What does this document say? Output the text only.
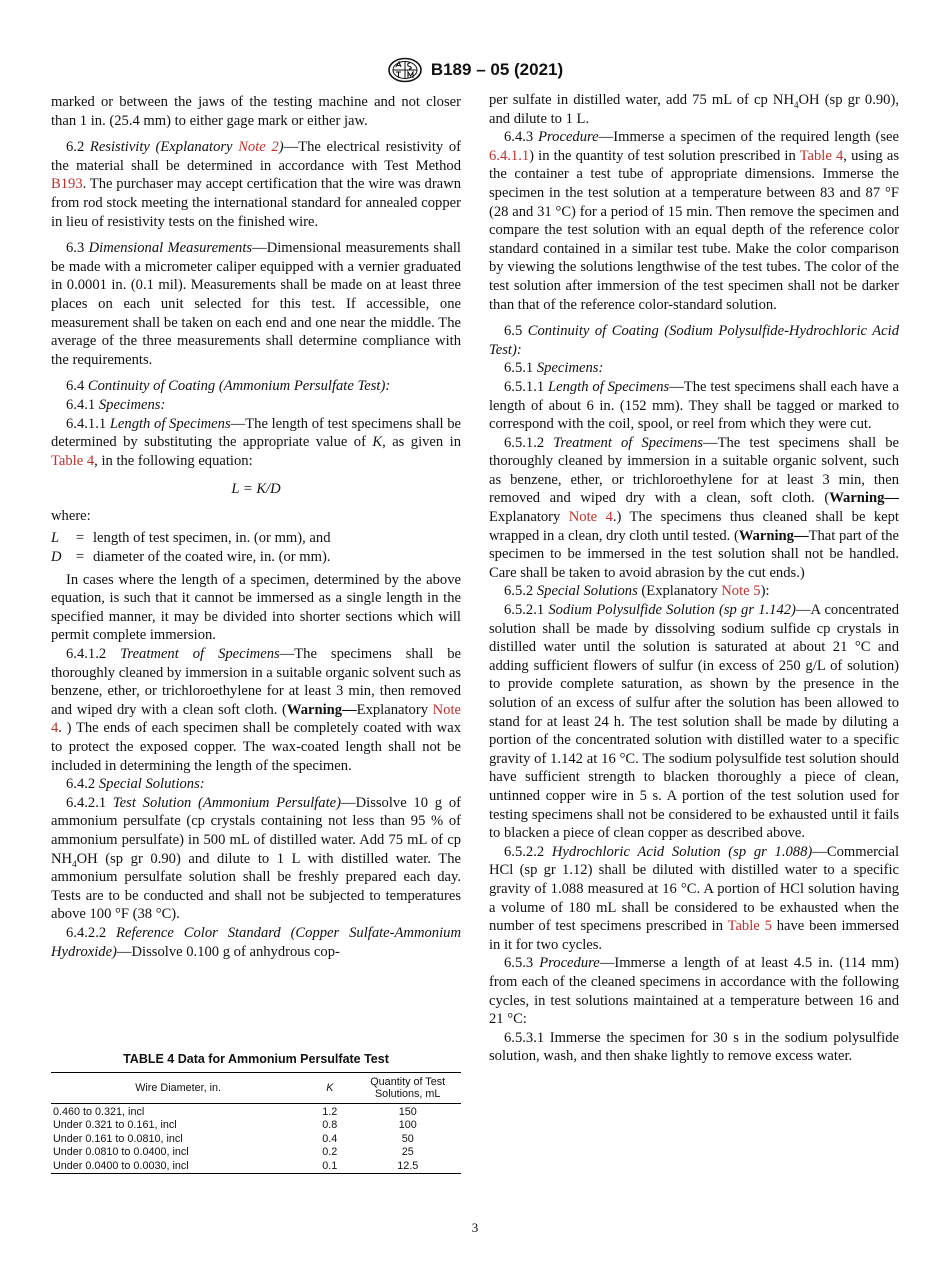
B189 – 05 (2021)

marked or between the jaws of the testing machine and not closer than 1 in. (25.4 mm) to either gage mark or either jaw.

6.2 Resistivity (Explanatory Note 2)—The electrical resistivity of the material shall be determined in accordance with Test Method B193. The purchaser may accept certification that the wire was drawn from rod stock meeting the international standard for annealed copper in lieu of resistivity tests on the finished wire.

6.3 Dimensional Measurements—Dimensional measurements shall be made with a micrometer caliper equipped with a vernier graduated in 0.0001 in. (0.1 mil). Measurements shall be made on at least three places on each unit selected for this test. If accessible, one measurement shall be taken on each end and one near the middle. The average of the three measurements shall determine compliance with the requirements.

6.4 Continuity of Coating (Ammonium Persulfate Test):

6.4.1 Specimens:

6.4.1.1 Length of Specimens—The length of test specimens shall be determined by substituting the appropriate value of K, as given in Table 4, in the following equation:

L = K/D

where:

L	= length of test specimen, in. (or mm), and
D = diameter of the coated wire, in. (or mm).

In cases where the length of a specimen, determined by the above equation, is such that it cannot be immersed as a single length in the specified manner, it may be divided into shorter sections which will permit complete immersion.

6.4.1.2 Treatment of Specimens—The specimens shall be thoroughly cleaned by immersion in a suitable organic solvent such as benzene, ether, or trichloroethylene for at least 3 min, then removed and wiped dry with a clean soft cloth. (Warning—Explanatory Note 4. ) The ends of each specimen shall be completely coated with wax to protect the exposed copper. The wax-coated length shall not be included in determining the length of the specimen.

6.4.2 Special Solutions:

6.4.2.1 Test Solution (Ammonium Persulfate)—Dissolve 10 g of ammonium persulfate (cp crystals containing not less than 95 % of ammonium persulfate) in 500 mL of distilled water. Add 75 mL of cp $NH_4OH$ (sp gr 0.90) and dilute to 1 L with distilled water. The ammonium persulfate solution shall be freshly prepared each day. Tests are to be conducted and shall not be subjected to temperatures above 100 °F (38 °C).

6.4.2.2 Reference Color Standard (Copper Sulfate-Ammonium Hydroxide)—Dissolve 0.100 g of anhydrous cop-

TABLE 4 Data for Ammonium Persulfate Test
Wire Diameter, in.	K	Quantity of Test Solutions, mL
0.460 to 0.321, incl	1.2	150
Under 0.321 to 0.161, incl	0.8	100
Under 0.161 to 0.0810, incl	0.4	50
Under 0.0810 to 0.0400, incl	0.2	25
Under 0.0400 to 0.0030, incl	0.1	12.5

per sulfate in distilled water, add 75 mL of cp $NH_4OH$ (sp gr 0.90), and dilute to 1 L.

6.4.3 Procedure—Immerse a specimen of the required length (see 6.4.1.1) in the quantity of test solution prescribed in Table 4, using as the container a test tube of appropriate dimensions. Immerse the specimen in the test solution at a temperature between 83 and 87 °F (28 and 31 °C) for a period of 15 min. Then remove the specimen and compare the test solution with an equal depth of the reference color standard contained in a similar test tube. Make the color comparison by viewing the solutions lengthwise of the test tubes. The color of the test solution after immersion of the test specimen shall not be darker than that of the reference color-standard solution.

6.5 Continuity of Coating (Sodium Polysulfide-Hydrochloric Acid Test):

6.5.1 Specimens:

6.5.1.1 Length of Specimens—The test specimens shall each have a length of about 6 in. (152 mm). They shall be tagged or marked to correspond with the coil, spool, or reel from which they were cut.

6.5.1.2 Treatment of Specimens—The test specimens shall be thoroughly cleaned by immersion in a suitable organic solvent, such as benzene, ether, or trichloroethylene for at least 3 min, then removed and wiped dry with a clean, soft cloth. (Warning—Explanatory Note 4.) The specimens thus cleaned shall be kept wrapped in a clean, dry cloth until tested. (Warning—That part of the specimen to be immersed in the test solution shall not be handled. Care shall be taken to avoid abrasion by the cut ends.)

6.5.2 Special Solutions (Explanatory Note 5):

6.5.2.1 Sodium Polysulfide Solution (sp gr 1.142)—A concentrated solution shall be made by dissolving sodium sulfide cp crystals in distilled water until the solution is saturated at about 21 °C and adding sufficient flowers of sulfur (in excess of 250 g/L of solution) to provide complete saturation, as shown by the presence in the solution of an excess of sulfur after the solution has been allowed to stand for at least 24 h. The test solution shall be made by diluting a portion of the concentrated solution with distilled water to a specific gravity of 1.142 at 16 °C. The sodium polysulfide test solution should have sufficient strength to blacken thoroughly a piece of clean, untinned copper wire in 5 s. A portion of the test solution used for testing specimens shall not be considered to be exhausted until it fails to blacken a piece of clean copper as described above.

6.5.2.2 Hydrochloric Acid Solution (sp gr 1.088)—Commercial HCl (sp gr 1.12) shall be diluted with distilled water to a specific gravity of 1.088 measured at 16 °C. A portion of HCl solution having a volume of 180 mL shall be considered to be exhausted when the number of test specimens prescribed in Table 5 have been immersed in it for two cycles.

6.5.3 Procedure—Immerse a length of at least 4.5 in. (114 mm) from each of the cleaned specimens in accordance with the following cycles, in test solutions maintained at a temperature between 16 and 21 °C:

6.5.3.1 Immerse the specimen for 30 s in the sodium polysulfide solution, wash, and then shake lightly to remove excess water.

3
